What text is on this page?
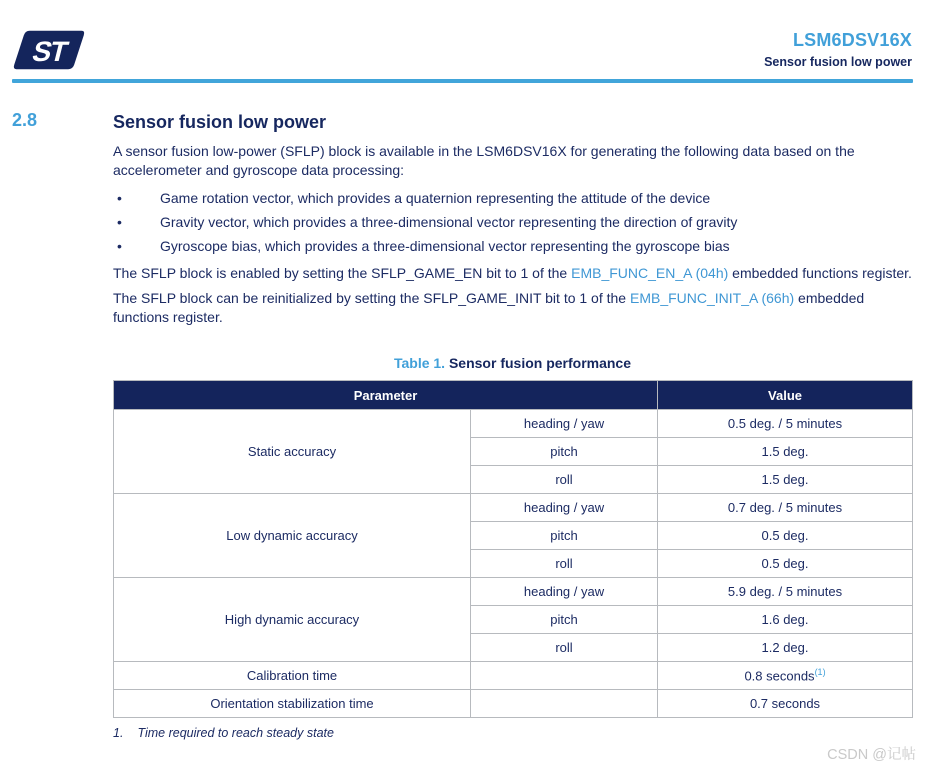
ST	LSM6DSV16X
Sensor fusion low power
2.8	Sensor fusion low power

A sensor fusion low-power (SFLP) block is available in the LSM6DSV16X for generating the following data based on the accelerometer and gyroscope data processing:

•	Game rotation vector, which provides a quaternion representing the attitude of the device
•	Gravity vector, which provides a three-dimensional vector representing the direction of gravity
•	Gyroscope bias, which provides a three-dimensional vector representing the gyroscope bias

The SFLP block is enabled by setting the SFLP_GAME_EN bit to 1 of the EMB_FUNC_EN_A (04h) embedded functions register.

The SFLP block can be reinitialized by setting the SFLP_GAME_INIT bit to 1 of the EMB_FUNC_INIT_A (66h) embedded functions register.

Table 1. Sensor fusion performance
Parameter		Value
Static accuracy	heading / yaw	0.5 deg. / 5 minutes
	pitch	1.5 deg.
	roll	1.5 deg.
Low dynamic accuracy	heading / yaw	0.7 deg. / 5 minutes
	pitch	0.5 deg.
	roll	0.5 deg.
High dynamic accuracy	heading / yaw	5.9 deg. / 5 minutes
	pitch	1.6 deg.
	roll	1.2 deg.
Calibration time		0.8 seconds$^{(1)}$
Orientation stabilization time		0.7 seconds
1. Time required to reach steady state
CSDN @记帖
